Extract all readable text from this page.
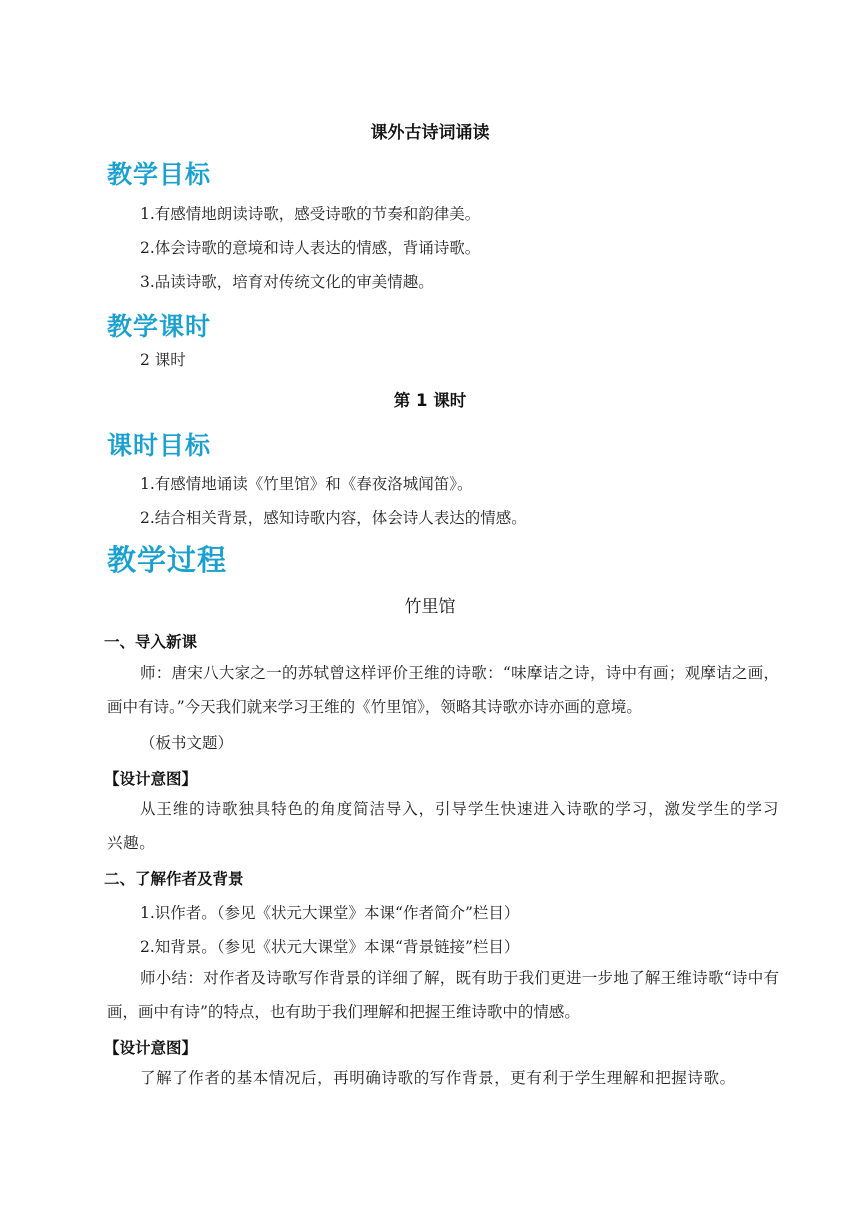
课外古诗词诵读
教学目标
1.有感情地朗读诗歌，感受诗歌的节奏和韵律美。
2.体会诗歌的意境和诗人表达的情感，背诵诗歌。
3.品读诗歌，培育对传统文化的审美情趣。
教学课时
2 课时
第 1 课时
课时目标
1.有感情地诵读《竹里馆》和《春夜洛城闻笛》。
2.结合相关背景，感知诗歌内容，体会诗人表达的情感。
教学过程
竹里馆
一、导入新课
师：唐宋八大家之一的苏轼曾这样评价王维的诗歌：“味摩诘之诗，诗中有画；观摩诘之画，画中有诗。”今天我们就来学习王维的《竹里馆》，领略其诗歌亦诗亦画的意境。
（板书文题）
【设计意图】
从王维的诗歌独具特色的角度简洁导入，引导学生快速进入诗歌的学习，激发学生的学习兴趣。
二、了解作者及背景
1.识作者。（参见《状元大课堂》本课“作者简介”栏目）
2.知背景。（参见《状元大课堂》本课“背景链接”栏目）
师小结：对作者及诗歌写作背景的详细了解，既有助于我们更进一步地了解王维诗歌“诗中有画，画中有诗”的特点，也有助于我们理解和把握王维诗歌中的情感。
【设计意图】
了解了作者的基本情况后，再明确诗歌的写作背景，更有利于学生理解和把握诗歌。
